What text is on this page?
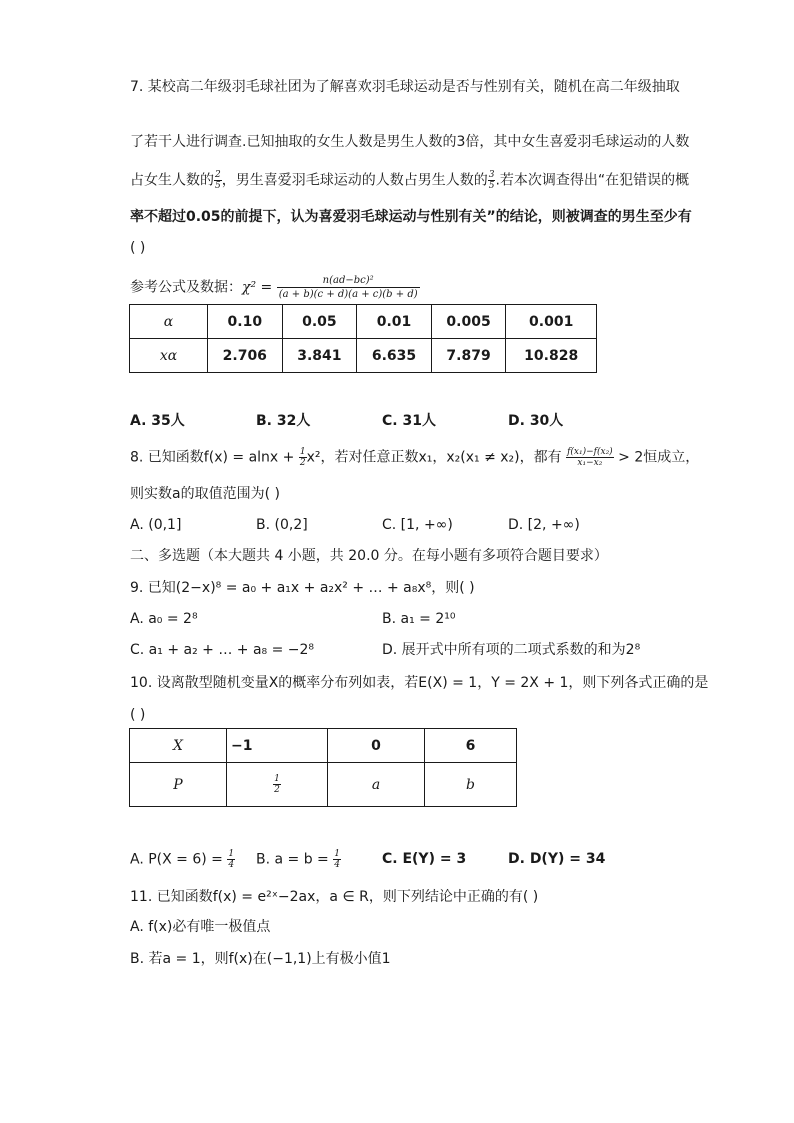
7. 某校高二年级羽毛球社团为了解喜欢羽毛球运动是否与性别有关，随机在高二年级抽取
了若干人进行调查.已知抽取的女生人数是男生人数的3倍，其中女生喜爱羽毛球运动的人数
占女生人数的 $\frac{2}{5}$ ，男生喜爱羽毛球运动的人数占男生人数的 $\frac{3}{5}$ .若本次调查得出“在犯错误的概
率不超过0.05的前提下，认为喜爱羽毛球运动与性别有关”的结论，则被调查的男生至少有
( )
参考公式及数据：$\chi^2 = \frac{\text{n(ad−bc)²}}{(a + b)(c + d)(a + c)(b + d)}$
α	0.10	0.05	0.01	0.005	0.001
xα	2.706	3.841	6.635	7.879	10.828
A. 35人	B. 32人	C. 31人	D. 30人
8. 已知函数$f(x) = alnx + \frac{1}{2} x^2$，若对任意正数x₁，x₂(x₁ ≠ x₂)，都有 $\frac{\text{f(x₁)−f(x₂)}}{\text{x₁−x₂}} > 2$恒成立，
则实数a的取值范围为( )
A. (0,1]	B. (0,2]	C. [1, +∞)	D. [2, +∞)
二、多选题（本大题共 4 小题，共 20.0 分。在每小题有多项符合题目要求）
9. 已知(2−x)⁸ = a₀ + a₁x + a₂x² + … + a₈x⁸，则( )
A. a₀ = 2⁸	B. a₁ = 2¹⁰
C. a₁ + a₂ + … + a₈ = −2⁸	D. 展开式中所有项的二项式系数的和为2⁸
10. 设离散型随机变量X的概率分布列如表，若E(X) = 1，Y = 2X + 1，则下列各式正确的是
( )
X	−1	0	6
P	$\frac{1}{2}$	a	b
A. $P(X = 6) = \frac{1}{4} B$. $a = b = \frac{1}{4}$	C. E(Y) = 3	D. D(Y) = 34
11. 已知函数f(x) = e²ˣ−2ax，a ∈ R，则下列结论中正确的有( )
A. f(x)必有唯一极值点
B. 若a = 1，则f(x)在(−1,1)上有极小值1
